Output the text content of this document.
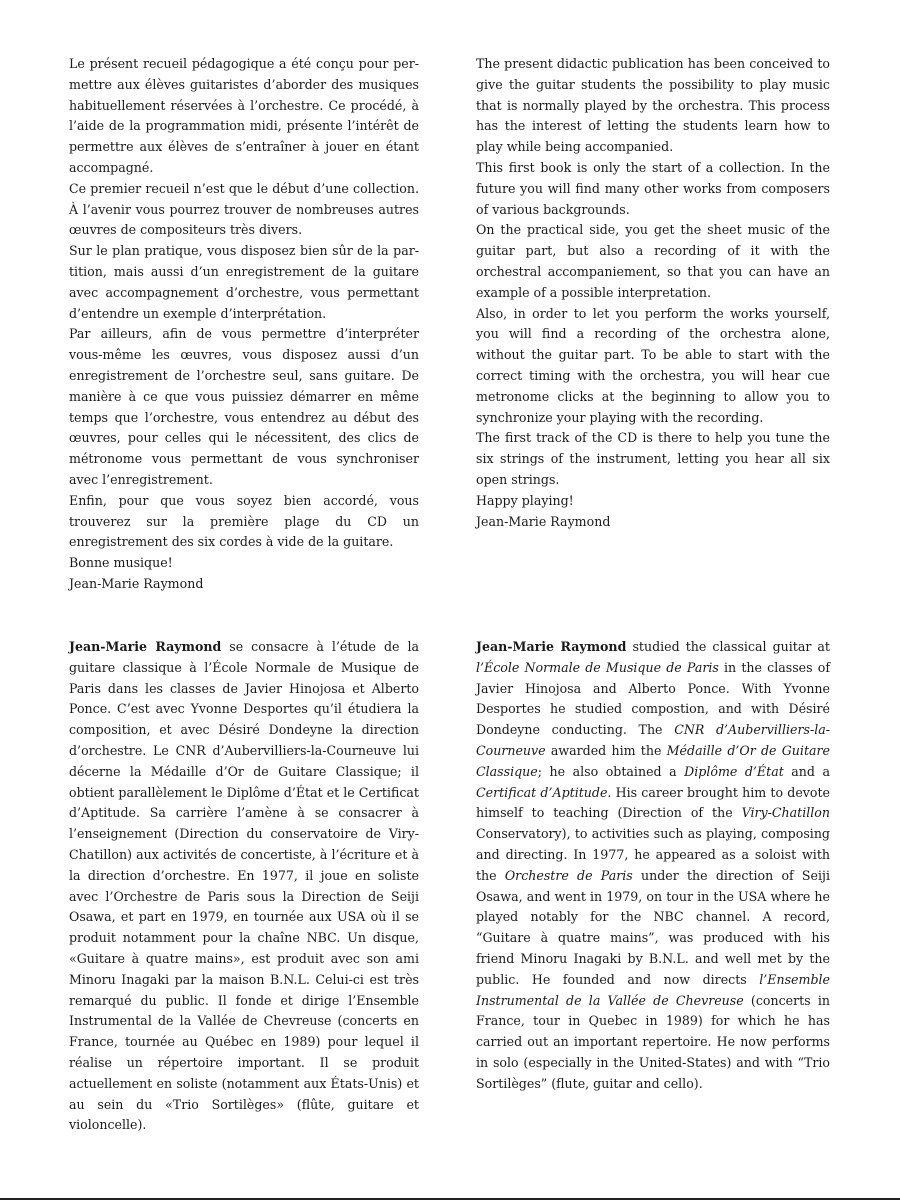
Le présent recueil pédagogique a été conçu pour permettre aux élèves guitaristes d’aborder des musiques habituellement réservées à l’orchestre. Ce procédé, à l’aide de la programmation midi, présente l’intérêt de permettre aux élèves de s’entraîner à jouer en étant accompagné.

Ce premier recueil n’est que le début d’une collection. À l’avenir vous pourrez trouver de nombreuses autres œuvres de compositeurs très divers.

Sur le plan pratique, vous disposez bien sûr de la partition, mais aussi d’un enregistrement de la guitare avec accompagnement d’orchestre, vous permettant d’entendre un exemple d’interprétation.

Par ailleurs, afin de vous permettre d’interpréter vous-même les œuvres, vous disposez aussi d’un enregistrement de l’orchestre seul, sans guitare. De manière à ce que vous puissiez démarrer en même temps que l’orchestre, vous entendrez au début des œuvres, pour celles qui le nécessitent, des clics de métronome vous permettant de vous synchroniser avec l’enregistrement.

Enfin, pour que vous soyez bien accordé, vous trouverez sur la première plage du CD un enregistrement des six cordes à vide de la guitare.

Bonne musique!

Jean-Marie Raymond

The present didactic publication has been conceived to give the guitar students the possibility to play music that is normally played by the orchestra. This process has the interest of letting the students learn how to play while being accompanied.

This first book is only the start of a collection. In the future you will find many other works from composers of various backgrounds.

On the practical side, you get the sheet music of the guitar part, but also a recording of it with the orchestral accompaniement, so that you can have an example of a possible interpretation.

Also, in order to let you perform the works yourself, you will find a recording of the orchestra alone, without the guitar part. To be able to start with the correct timing with the orchestra, you will hear cue metronome clicks at the beginning to allow you to synchronize your playing with the recording.

The first track of the CD is there to help you tune the six strings of the instrument, letting you hear all six open strings.

Happy playing!

Jean-Marie Raymond

Jean-Marie Raymond se consacre à l’étude de la guitare classique à l’École Normale de Musique de Paris dans les classes de Javier Hinojosa et Alberto Ponce. C’est avec Yvonne Desportes qu’il étudiera la composition, et avec Désiré Dondeyne la direction d’orchestre. Le CNR d’Aubervilliers-la-Courneuve lui décerne la Médaille d’Or de Guitare Classique; il obtient parallèlement le Diplôme d’État et le Certificat d’Aptitude. Sa carrière l’amène à se consacrer à l’enseignement (Direction du conservatoire de Viry-Chatillon) aux activités de concertiste, à l’écriture et à la direction d’orchestre. En 1977, il joue en soliste avec l’Orchestre de Paris sous la Direction de Seiji Osawa, et part en 1979, en tournée aux USA où il se produit notamment pour la chaîne NBC. Un disque, «Guitare à quatre mains», est produit avec son ami Minoru Inagaki par la maison B.N.L. Celui-ci est très remarqué du public. Il fonde et dirige l’Ensemble Instrumental de la Vallée de Chevreuse (concerts en France, tournée au Québec en 1989) pour lequel il réalise un répertoire important. Il se produit actuellement en soliste (notamment aux États-Unis) et au sein du «Trio Sortilèges» (flûte, guitare et violoncelle).

Jean-Marie Raymond studied the classical guitar at l’École Normale de Musique de Paris in the classes of Javier Hinojosa and Alberto Ponce. With Yvonne Desportes he studied compostion, and with Désiré Dondeyne conducting. The CNR d’Aubervilliers-la-Courneuve awarded him the Médaille d’Or de Guitare Classique; he also obtained a Diplôme d’État and a Certificat d’Aptitude. His career brought him to devote himself to teaching (Direction of the Viry-Chatillon Conservatory), to activities such as playing, composing and directing. In 1977, he appeared as a soloist with the Orchestre de Paris under the direction of Seiji Osawa, and went in 1979, on tour in the USA where he played notably for the NBC channel. A record, “Guitare à quatre mains”, was produced with his friend Minoru Inagaki by B.N.L. and well met by the public. He founded and now directs l’Ensemble Instrumental de la Vallée de Chevreuse (concerts in France, tour in Quebec in 1989) for which he has carried out an important repertoire. He now performs in solo (especially in the United-States) and with “Trio Sortilèges” (flute, guitar and cello).
